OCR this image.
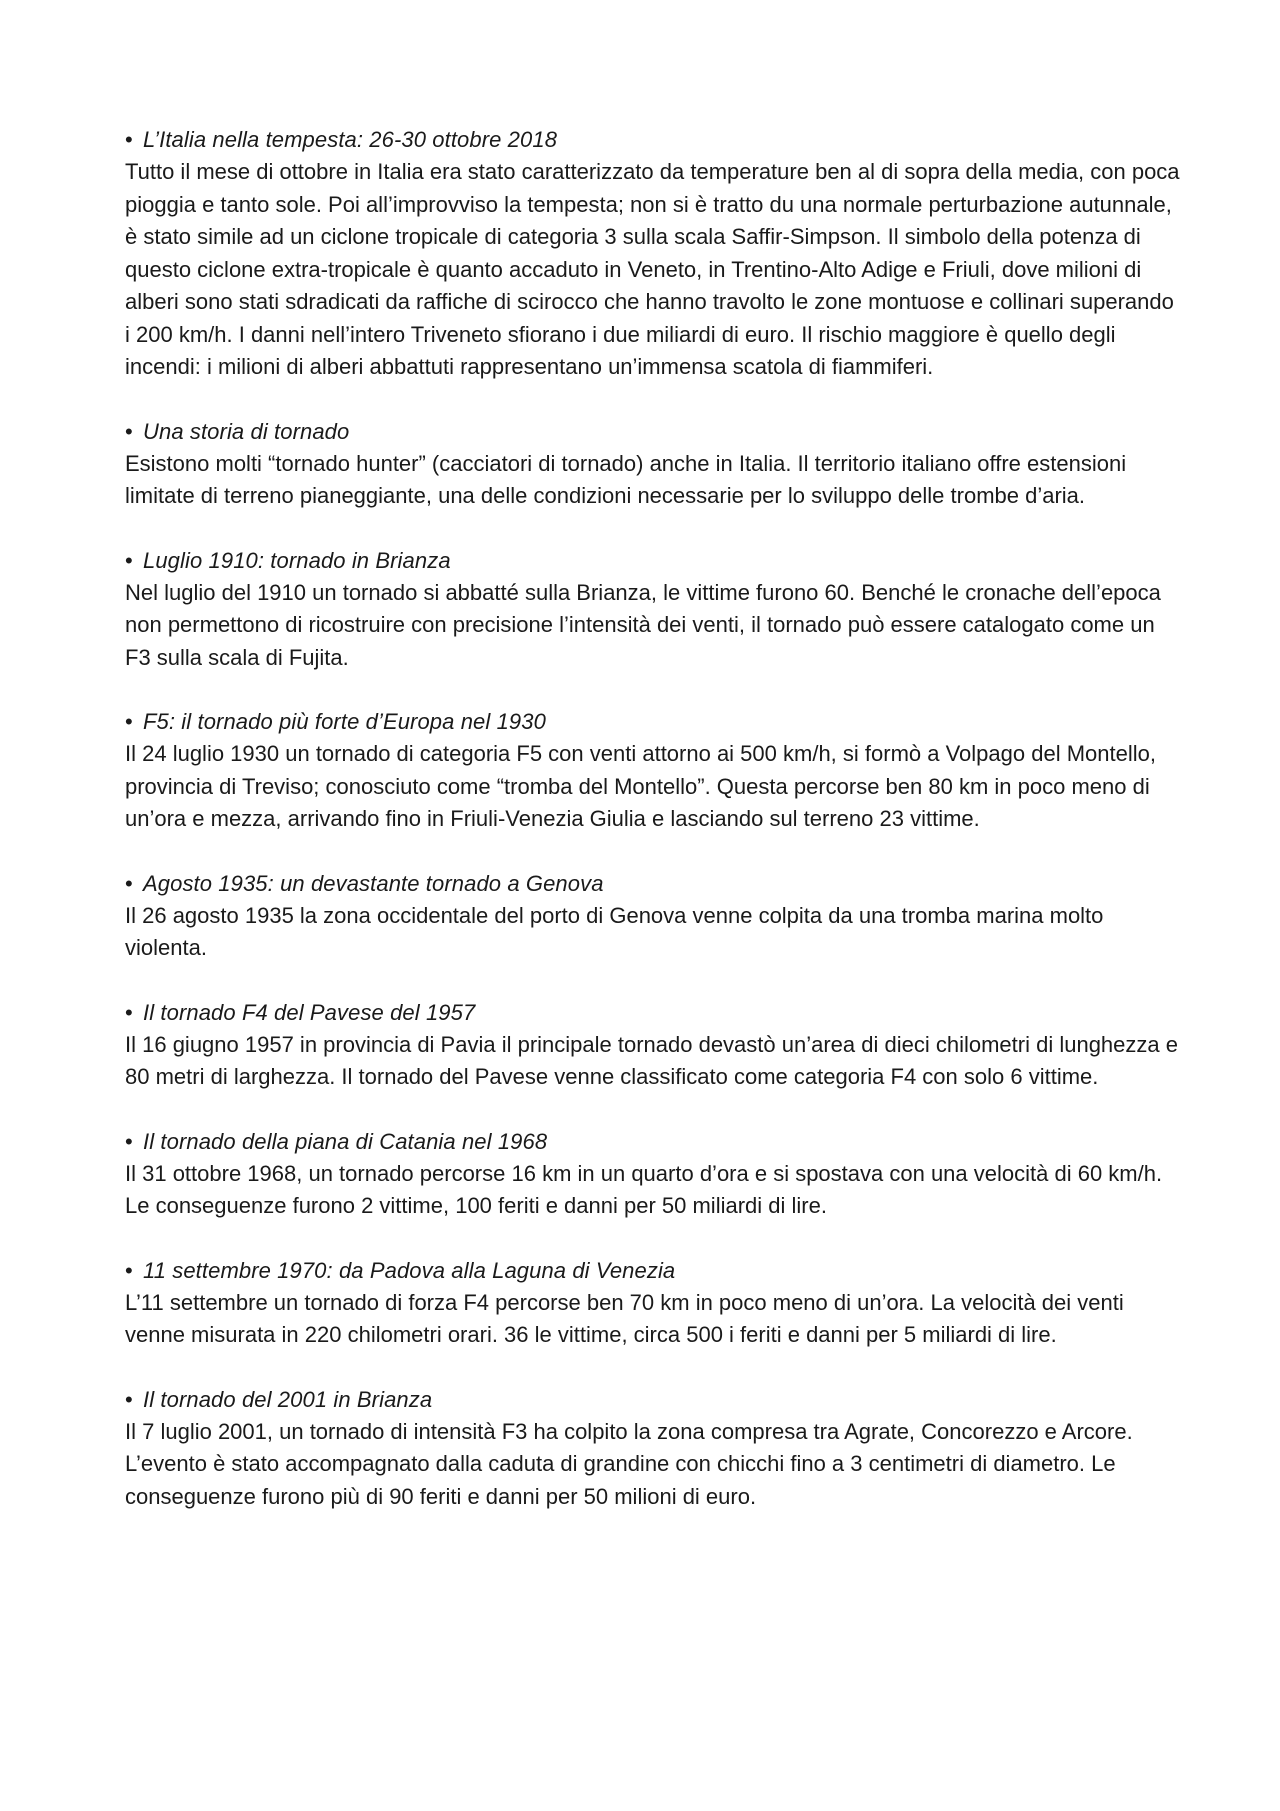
• L’Italia nella tempesta: 26-30 ottobre 2018

Tutto il mese di ottobre in Italia era stato caratterizzato da temperature ben al di sopra della media, con poca pioggia e tanto sole. Poi all’improvviso la tempesta; non si è tratto du una normale perturbazione autunnale, è stato simile ad un ciclone tropicale di categoria 3 sulla scala Saffir-Simpson. Il simbolo della potenza di questo ciclone extra-tropicale è quanto accaduto in Veneto, in Trentino-Alto Adige e Friuli, dove milioni di alberi sono stati sdradicati da raffiche di scirocco che hanno travolto le zone montuose e collinari superando i 200 km/h. I danni nell’intero Triveneto sfiorano i due miliardi di euro. Il rischio maggiore è quello degli incendi: i milioni di alberi abbattuti rappresentano un’immensa scatola di fiammiferi.

• Una storia di tornado

Esistono molti “tornado hunter” (cacciatori di tornado) anche in Italia. Il territorio italiano offre estensioni limitate di terreno pianeggiante, una delle condizioni necessarie per lo sviluppo delle trombe d’aria.

• Luglio 1910: tornado in Brianza

Nel luglio del 1910 un tornado si abbatté sulla Brianza, le vittime furono 60. Benché le cronache dell’epoca non permettono di ricostruire con precisione l’intensità dei venti, il tornado può essere catalogato come un F3 sulla scala di Fujita.

• F5: il tornado più forte d’Europa nel 1930

Il 24 luglio 1930 un tornado di categoria F5 con venti attorno ai 500 km/h, si formò a Volpago del Montello, provincia di Treviso; conosciuto come “tromba del Montello”. Questa percorse ben 80 km in poco meno di un’ora e mezza, arrivando fino in Friuli-Venezia Giulia e lasciando sul terreno 23 vittime.

• Agosto 1935: un devastante tornado a Genova

Il 26 agosto 1935 la zona occidentale del porto di Genova venne colpita da una tromba marina molto violenta.

• Il tornado F4 del Pavese del 1957

Il 16 giugno 1957 in provincia di Pavia il principale tornado devastò un’area di dieci chilometri di lunghezza e 80 metri di larghezza. Il tornado del Pavese venne classificato come categoria F4 con solo 6 vittime.

• Il tornado della piana di Catania nel 1968

Il 31 ottobre 1968, un tornado percorse 16 km in un quarto d’ora e si spostava con una velocità di 60 km/h. Le conseguenze furono 2 vittime, 100 feriti e danni per 50 miliardi di lire.

• 11 settembre 1970: da Padova alla Laguna di Venezia

L’11 settembre un tornado di forza F4 percorse ben 70 km in poco meno di un’ora. La velocità dei venti venne misurata in 220 chilometri orari. 36 le vittime, circa 500 i feriti e danni per 5 miliardi di lire.

• Il tornado del 2001 in Brianza

Il 7 luglio 2001, un tornado di intensità F3 ha colpito la zona compresa tra Agrate, Concorezzo e Arcore. L’evento è stato accompagnato dalla caduta di grandine con chicchi fino a 3 centimetri di diametro. Le conseguenze furono più di 90 feriti e danni per 50 milioni di euro.
